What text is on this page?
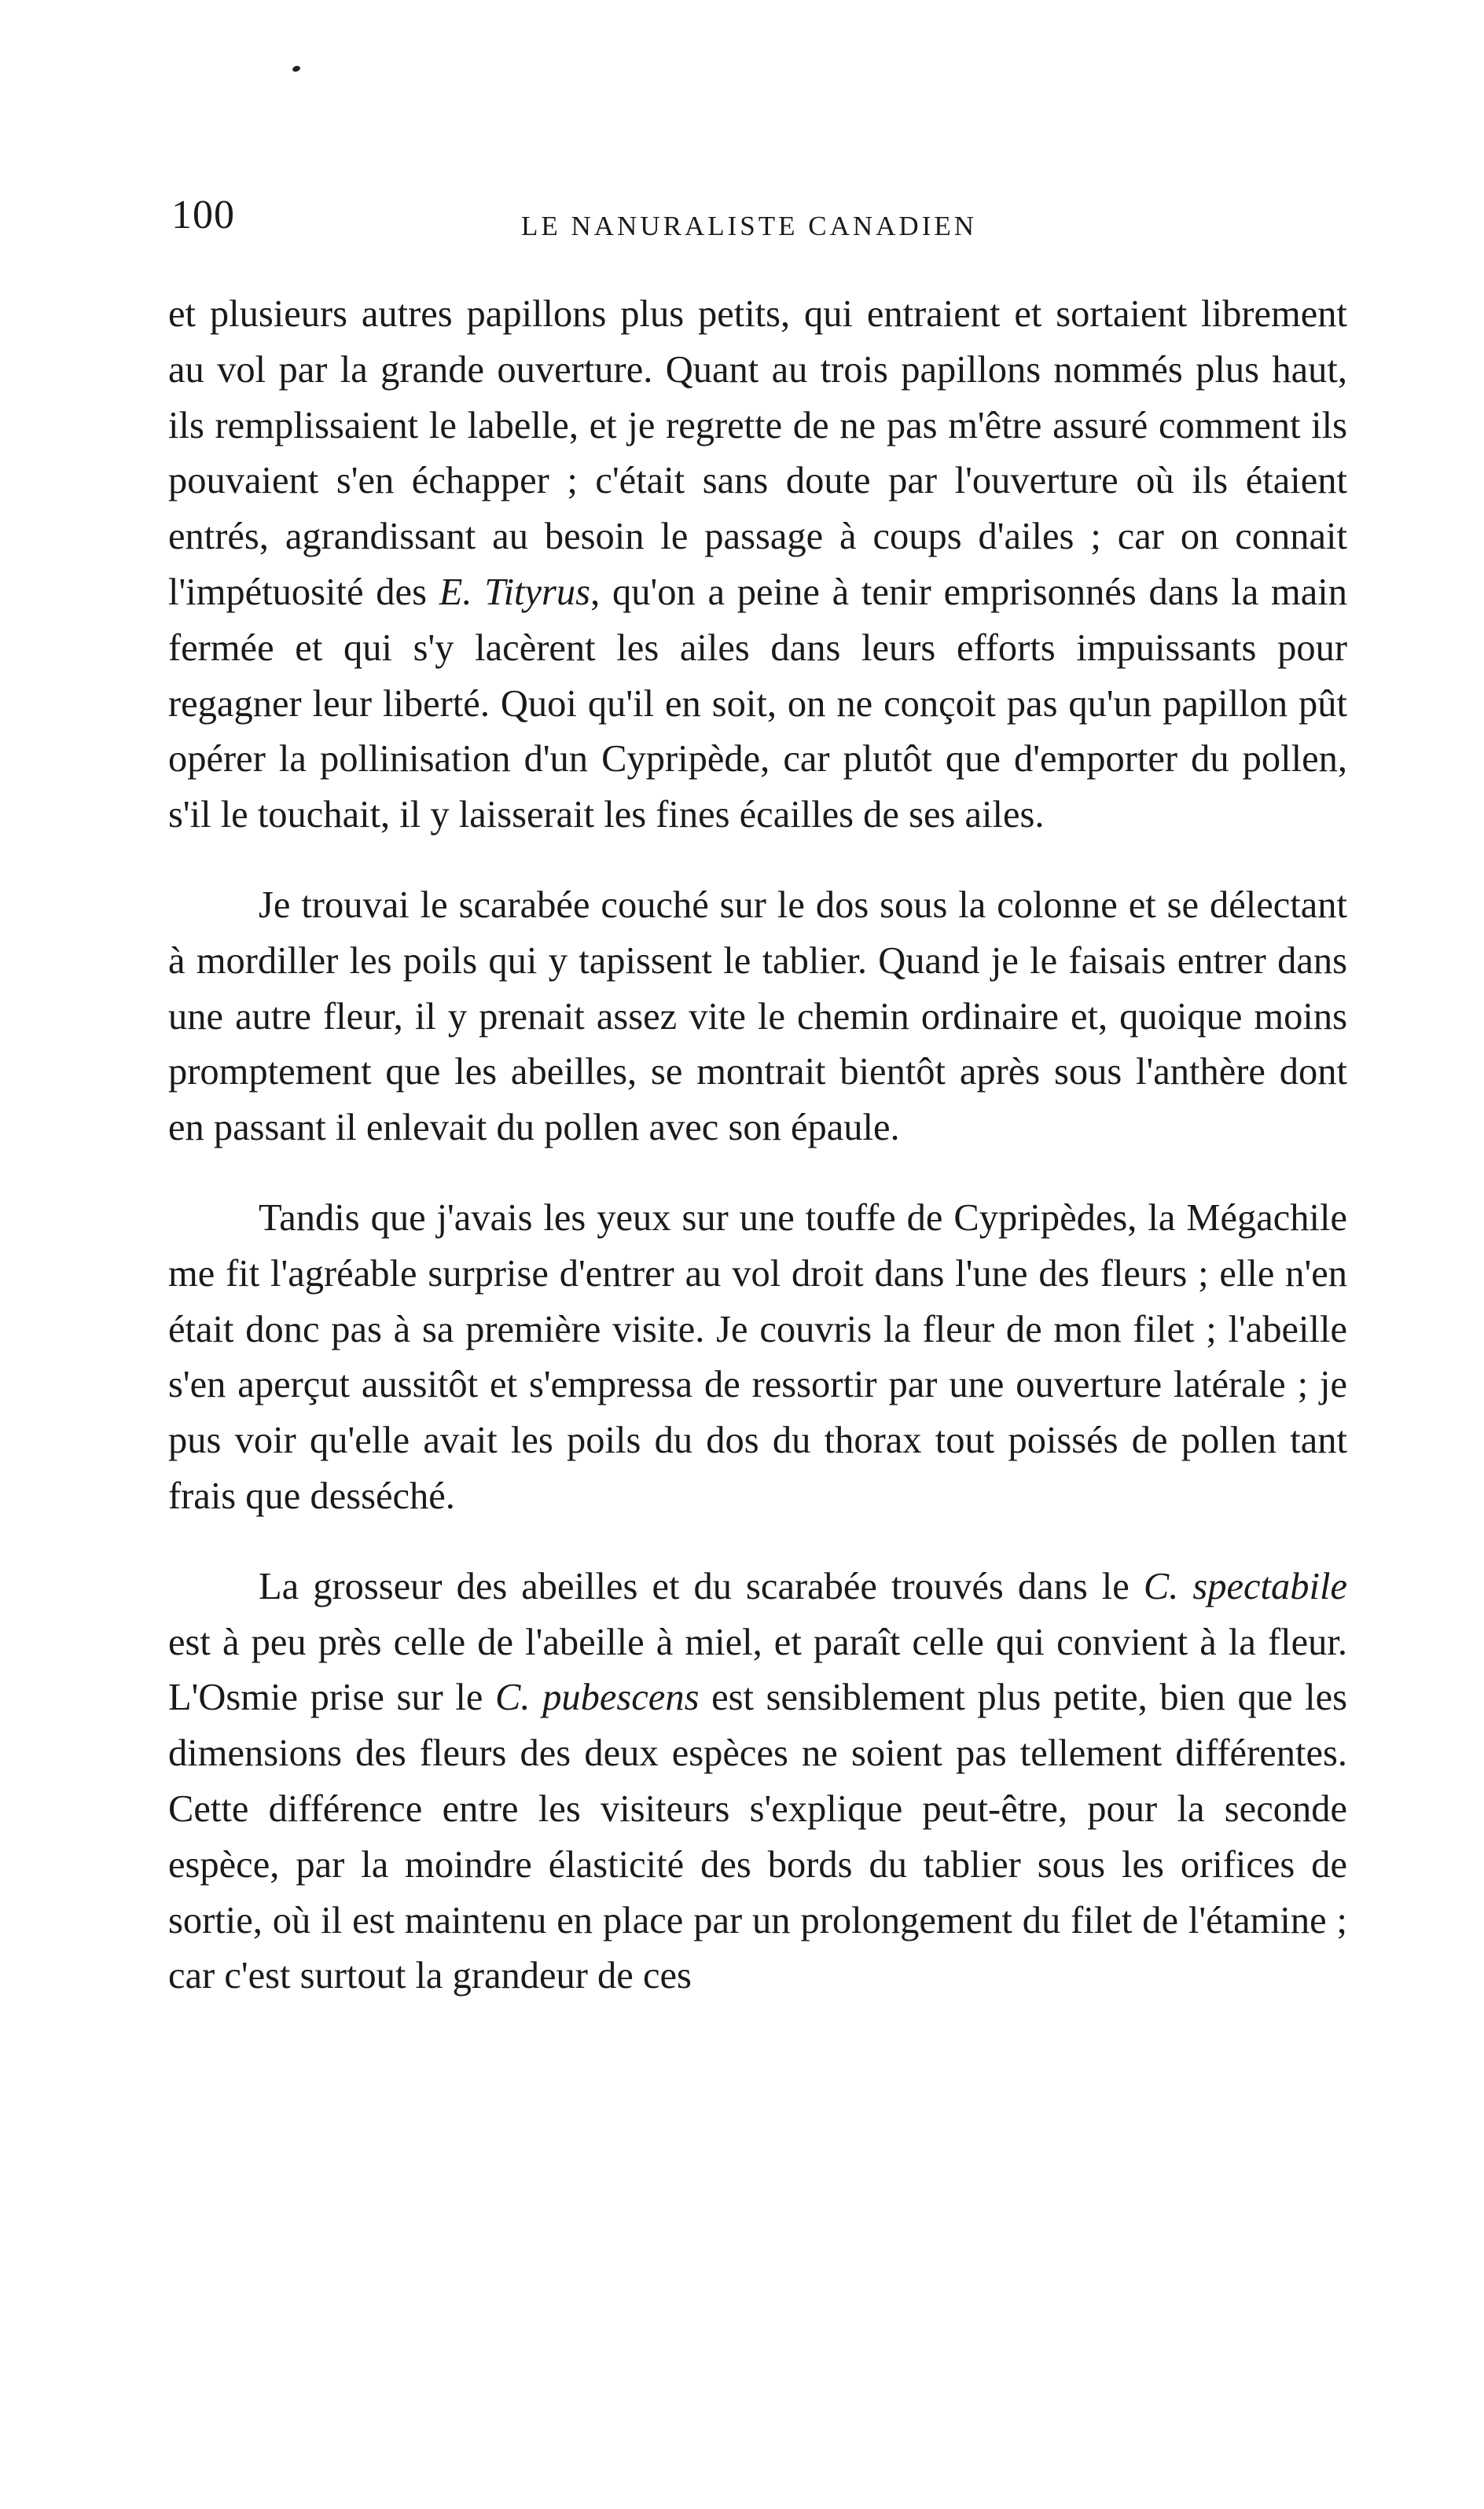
100	LE NANURALISTE CANADIEN

et plusieurs autres papillons plus petits, qui entraient et sortaient librement au vol par la grande ouverture. Quant au trois papillons nommés plus haut, ils remplissaient le labelle, et je regrette de ne pas m'être assuré comment ils pouvaient s'en échapper ; c'était sans doute par l'ouverture où ils étaient entrés, agrandissant au besoin le passage à coups d'ailes ; car on connait l'impétuosité des E. Tityrus, qu'on a peine à tenir emprisonnés dans la main fermée et qui s'y lacèrent les ailes dans leurs efforts impuissants pour regagner leur liberté. Quoi qu'il en soit, on ne conçoit pas qu'un papillon pût opérer la pollinisation d'un Cypripède, car plutôt que d'emporter du pollen, s'il le touchait, il y laisserait les fines écailles de ses ailes.

Je trouvai le scarabée couché sur le dos sous la colonne et se délectant à mordiller les poils qui y tapissent le tablier. Quand je le faisais entrer dans une autre fleur, il y prenait assez vite le chemin ordinaire et, quoique moins promptement que les abeilles, se montrait bientôt après sous l'anthère dont en passant il enlevait du pollen avec son épaule.

Tandis que j'avais les yeux sur une touffe de Cypripèdes, la Mégachile me fit l'agréable surprise d'entrer au vol droit dans l'une des fleurs ; elle n'en était donc pas à sa première visite. Je couvris la fleur de mon filet ; l'abeille s'en aperçut aussitôt et s'empressa de ressortir par une ouverture latérale ; je pus voir qu'elle avait les poils du dos du thorax tout poissés de pollen tant frais que desséché.

La grosseur des abeilles et du scarabée trouvés dans le C. spectabile est à peu près celle de l'abeille à miel, et paraît celle qui convient à la fleur. L'Osmie prise sur le C. pubescens est sensiblement plus petite, bien que les dimensions des fleurs des deux espèces ne soient pas tellement différentes. Cette différence entre les visiteurs s'explique peut-être, pour la seconde espèce, par la moindre élasticité des bords du tablier sous les orifices de sortie, où il est maintenu en place par un prolongement du filet de l'étamine ; car c'est surtout la grandeur de ces
